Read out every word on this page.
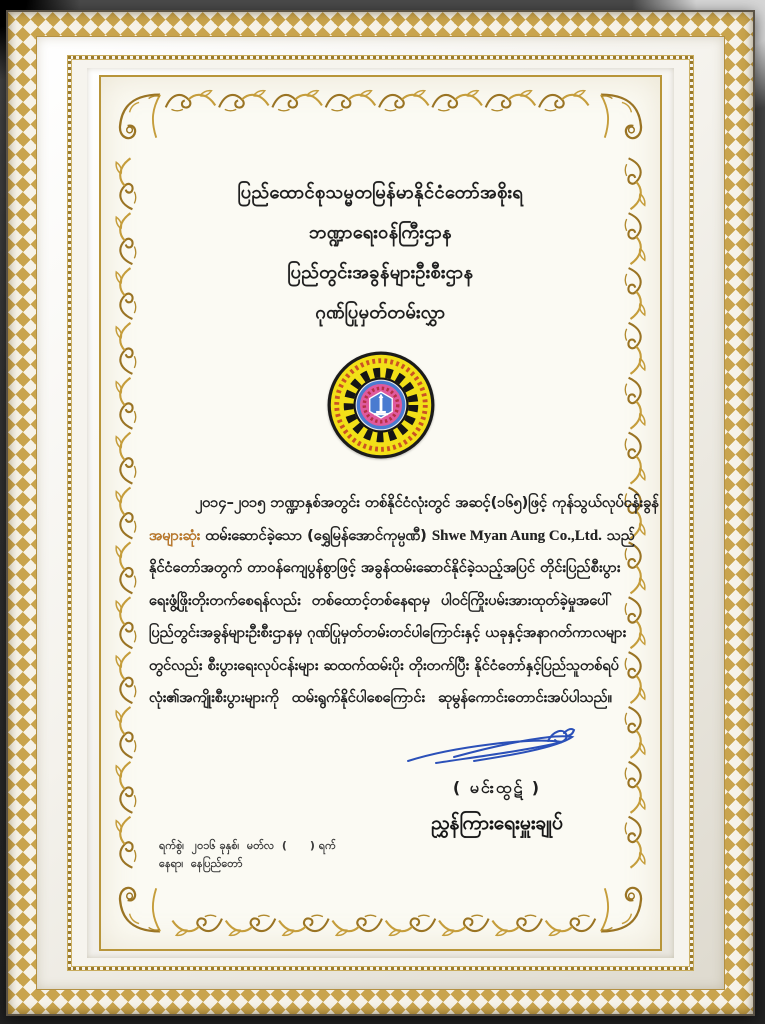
ပြည်ထောင်စုသမ္မတမြန်မာနိုင်ငံတော်အစိုးရ
ဘဏ္ဍာရေးဝန်ကြီးဌာန
ပြည်တွင်းအခွန်များဦးစီးဌာန
ဂုဏ်ပြုမှတ်တမ်းလွှာ
၂၀၁၄–၂၀၁၅ ဘဏ္ဍာနှစ်အတွင်း တစ်နိုင်ငံလုံးတွင် အဆင့်(၁၆၅)ဖြင့် ကုန်သွယ်လုပ်ငန်းခွန်
အများဆုံး ထမ်းဆောင်ခဲ့သော (ရွှေမြန်အောင်ကုမ္ပဏီ) Shwe Myan Aung Co.,Ltd. သည်
နိုင်ငံတော်အတွက် တာဝန်ကျေပွန်စွာဖြင့် အခွန်ထမ်းဆောင်နိုင်ခဲ့သည့်အပြင် တိုင်းပြည်စီးပွား
ရေးဖွံ့ဖြိုးတိုးတက်စေရန်လည်း တစ်ထောင့်တစ်နေရာမှ ပါဝင်ကြိုးပမ်းအားထုတ်ခဲ့မှုအပေါ်
ပြည်တွင်းအခွန်များဦးစီးဌာနမှ ဂုဏ်ပြုမှတ်တမ်းတင်ပါကြောင်းနှင့် ယခုနှင့်အနာဂတ်ကာလများ
တွင်လည်း စီးပွားရေးလုပ်ငန်းများ ဆထက်ထမ်းပိုး တိုးတက်ပြီး နိုင်ငံတော်နှင့်ပြည်သူတစ်ရပ်
လုံး၏အကျိုးစီးပွားများကို ထမ်းရွက်နိုင်ပါစေကြောင်း ဆုမွန်ကောင်းတောင်းအပ်ပါသည်။
( မင်းထွဋ် )
ညွှန်ကြားရေးမှူးချုပ်
ရက်စွဲ၊  ၂၀၁၆ ခုနှစ်၊  မတ်လ  (      ) ရက်
နေရာ၊  နေပြည်တော်
